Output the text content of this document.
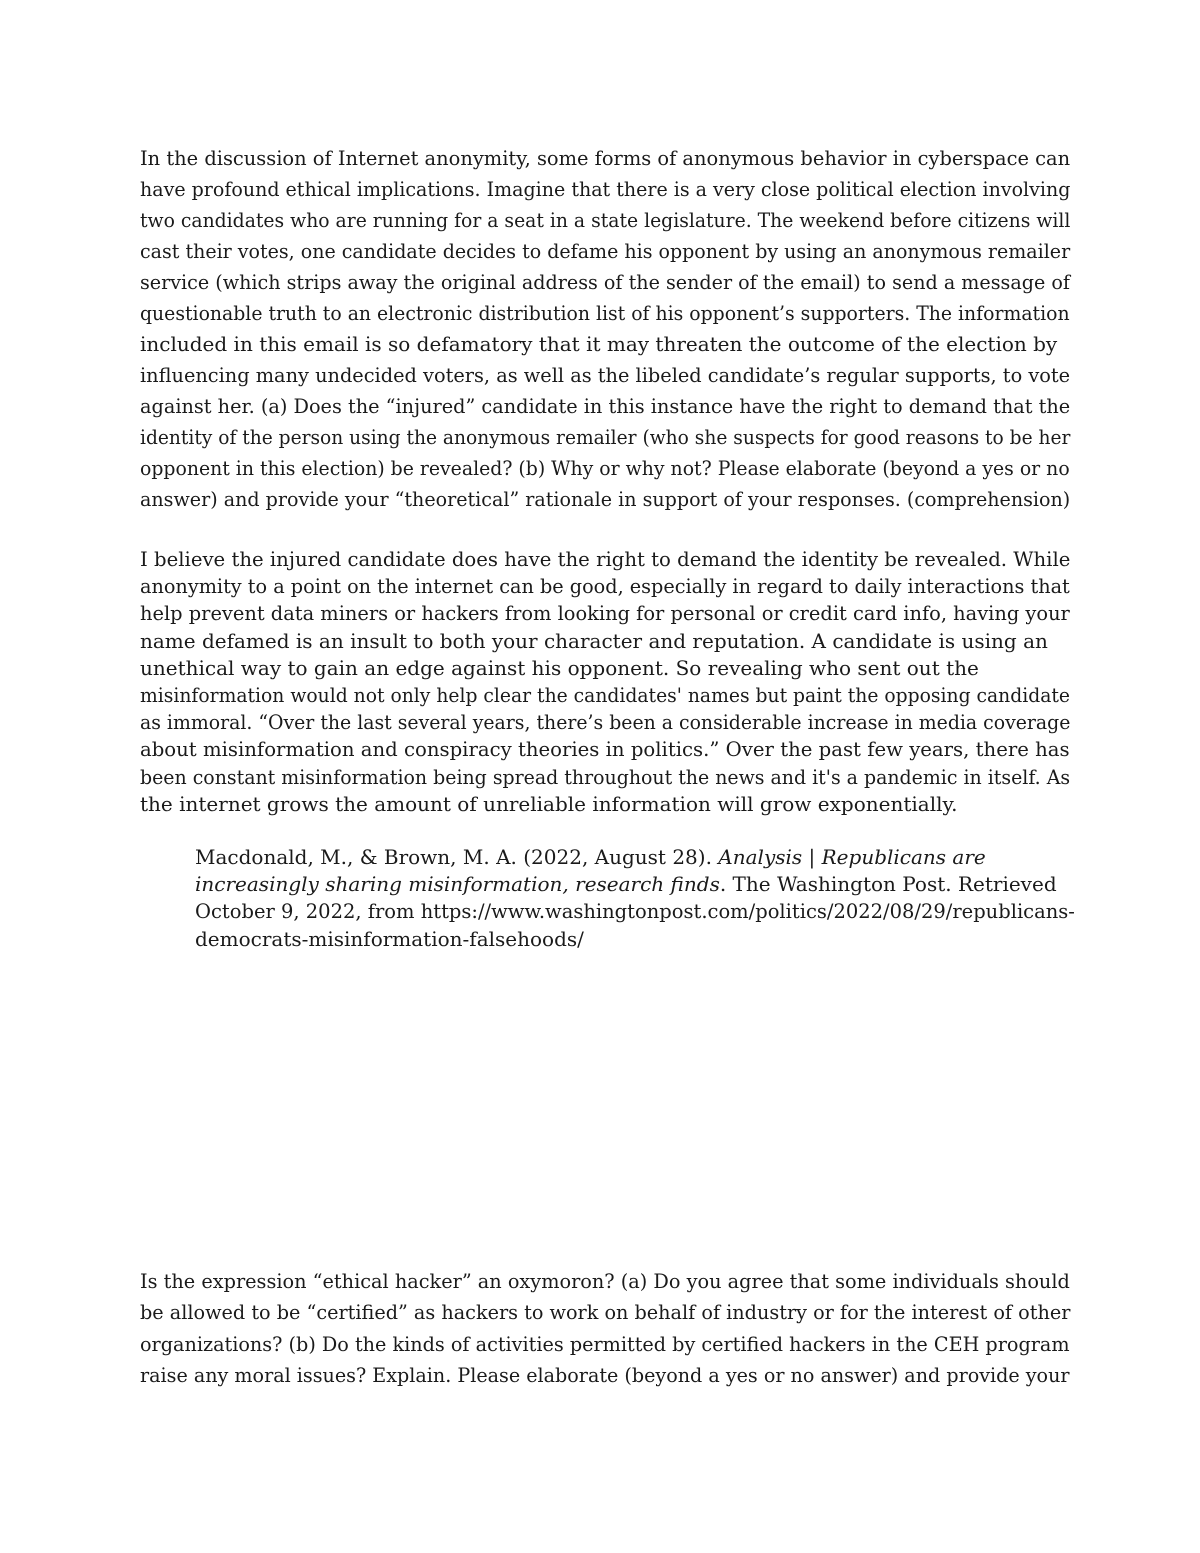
In the discussion of Internet anonymity, some forms of anonymous behavior in cyberspace can
have profound ethical implications. Imagine that there is a very close political election involving
two candidates who are running for a seat in a state legislature. The weekend before citizens will
cast their votes, one candidate decides to defame his opponent by using an anonymous remailer
service (which strips away the original address of the sender of the email) to send a message of
questionable truth to an electronic distribution list of his opponent’s supporters. The information
included in this email is so defamatory that it may threaten the outcome of the election by
influencing many undecided voters, as well as the libeled candidate’s regular supports, to vote
against her. (a) Does the “injured” candidate in this instance have the right to demand that the
identity of the person using the anonymous remailer (who she suspects for good reasons to be her
opponent in this election) be revealed? (b) Why or why not? Please elaborate (beyond a yes or no
answer) and provide your “theoretical” rationale in support of your responses. (comprehension)

I believe the injured candidate does have the right to demand the identity be revealed. While
anonymity to a point on the internet can be good, especially in regard to daily interactions that
help prevent data miners or hackers from looking for personal or credit card info, having your
name defamed is an insult to both your character and reputation. A candidate is using an
unethical way to gain an edge against his opponent. So revealing who sent out the
misinformation would not only help clear the candidates' names but paint the opposing candidate
as immoral. “Over the last several years, there’s been a considerable increase in media coverage
about misinformation and conspiracy theories in politics.” Over the past few years, there has
been constant misinformation being spread throughout the news and it's a pandemic in itself. As
the internet grows the amount of unreliable information will grow exponentially.

Macdonald, M., & Brown, M. A. (2022, August 28). Analysis | Republicans are
increasingly sharing misinformation, research finds. The Washington Post. Retrieved
October 9, 2022, from https://www.washingtonpost.com/politics/2022/08/29/republicans-
democrats-misinformation-falsehoods/

Is the expression “ethical hacker” an oxymoron? (a) Do you agree that some individuals should
be allowed to be “certified” as hackers to work on behalf of industry or for the interest of other
organizations? (b) Do the kinds of activities permitted by certified hackers in the CEH program
raise any moral issues? Explain. Please elaborate (beyond a yes or no answer) and provide your
